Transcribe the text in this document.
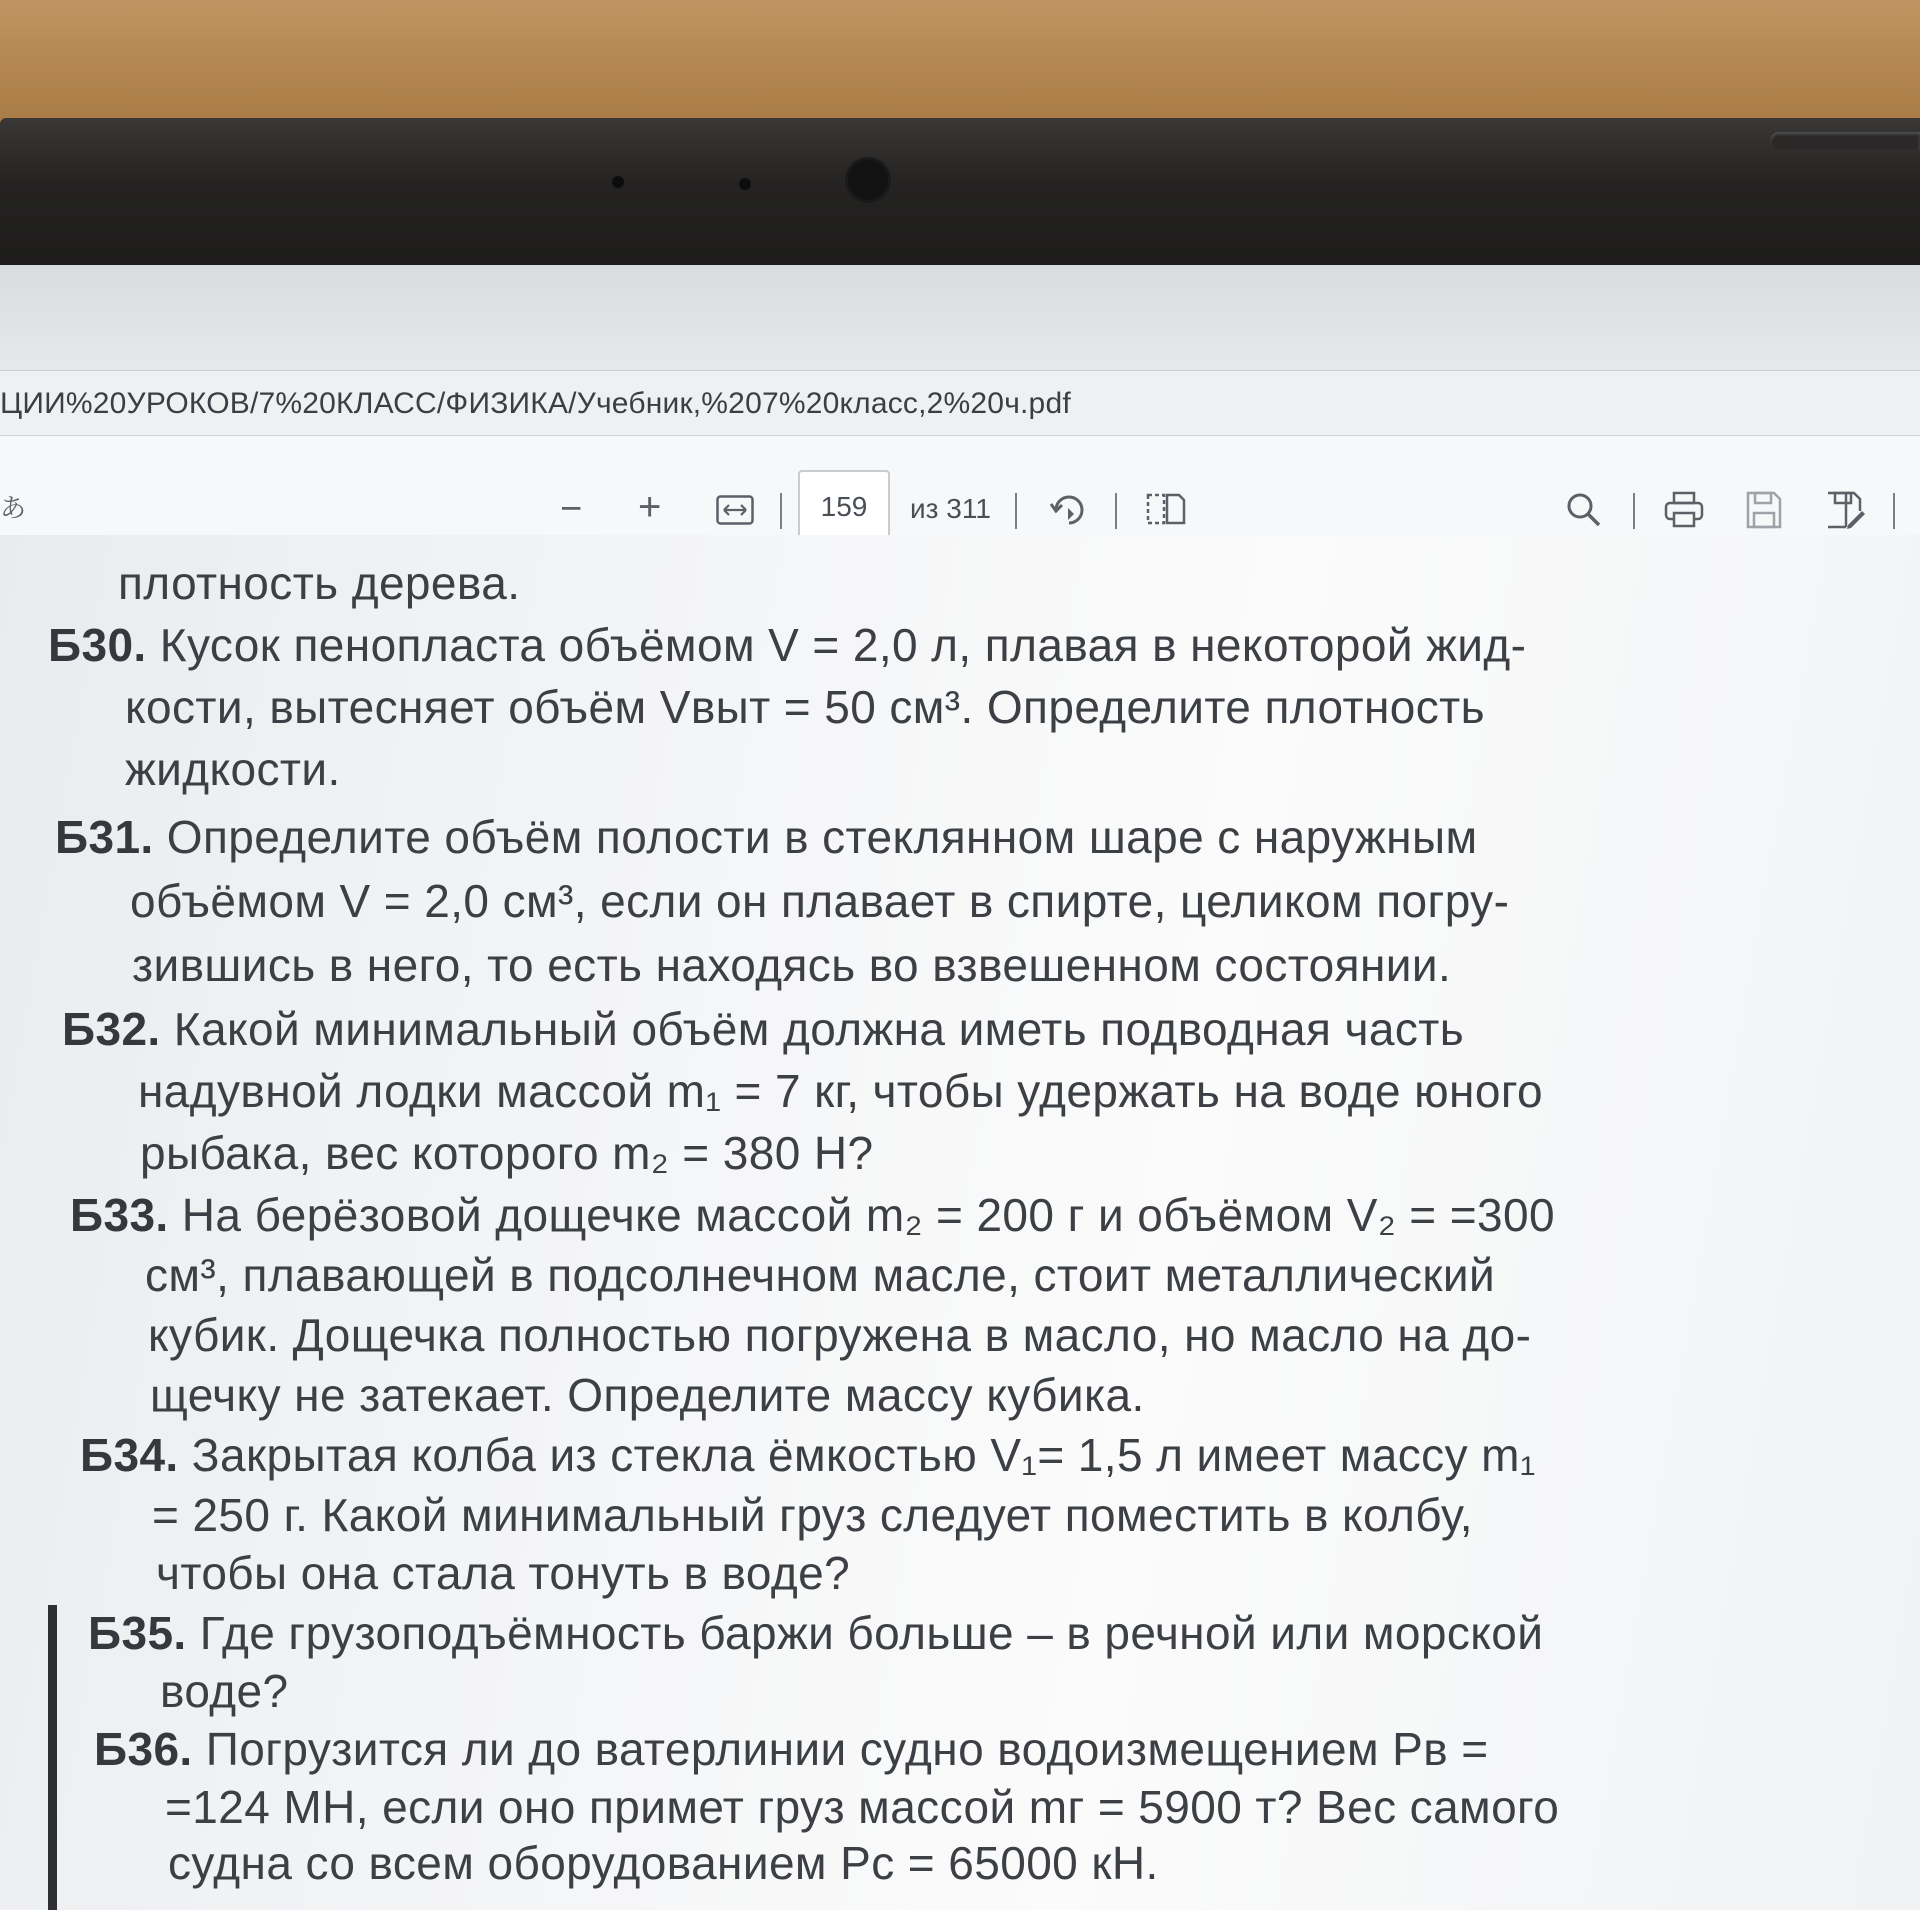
ЦИИ%20УРОКОВ/7%20КЛАСС/ФИЗИКА/Учебник,%207%20класс,2%20ч.pdf
あ	− +	159	из 311
плотность дерева.
Б30. Кусок пенопласта объёмом V = 2,0 л, плавая в некоторой жид-
кости, вытесняет объём Vвыт = 50 см³. Определите плотность
жидкости.
Б31. Определите объём полости в стеклянном шаре с наружным
объёмом V = 2,0 см³, если он плавает в спирте, целиком погру-
зившись в него, то есть находясь во взвешенном состоянии.
Б32. Какой минимальный объём должна иметь подводная часть
надувной лодки массой m₁ = 7 кг, чтобы удержать на воде юного
рыбака, вес которого m₂ = 380 Н?
Б33. На берёзовой дощечке массой m₂ = 200 г и объёмом V₂ = =300
см³, плавающей в подсолнечном масле, стоит металлический
кубик. Дощечка полностью погружена в масло, но масло на до-
щечку не затекает. Определите массу кубика.
Б34. Закрытая колба из стекла ёмкостью V₁= 1,5 л имеет массу m₁
= 250 г. Какой минимальный груз следует поместить в колбу,
чтобы она стала тонуть в воде?
Б35. Где грузоподъёмность баржи больше – в речной или морской
воде?
Б36. Погрузится ли до ватерлинии судно водоизмещением Pв =
=124 МН, если оно примет груз массой mг = 5900 т? Вес самого
судна со всем оборудованием Pс = 65000 кН.
